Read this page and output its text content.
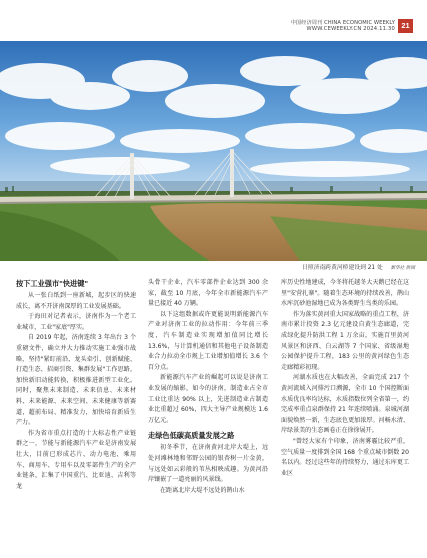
中国经济周刊 CHINA ECONOMIC WEEKLY
WWW.CEWEEKLY.CN 2024.11.30 21
日照济南跨黄河桥建设到 21 处 新华社 供图

按下工业强市"快进键"

从一张白纸到一座新城，起步区的快速成长，离不开济南深厚的工业发展基础。

于海田对记者表示，济南作为一个老工业城市，工业"家底"厚实。

自 2019 年起，济南连续 3 年出台 3 个重磅文件，确立并大力推动实施工业强市战略，坚持"紧盯前沿、龙头牵引、创新赋能、打造生态、招商引资、集群发展"工作思路，加快新旧动能转换，积极推进新型工业化。同时，聚焦未来制造、未来信息、未来材料、未来能源、未来空间、未来健康等新赛道，超前布局、精准发力，加快培育新质生产力。

作为省市重点打造的十大标志性产业链群之一，节能与新能源汽车产业是济南发展壮大，目前已形成芯片、动力电池、乘用车、商用车、专用车以及零部件生产的全产业链条，汇集了中国重汽、比亚迪、吉利等龙

头骨干企业，汽车零部件企业达到 300 余家，截至 10 月底，今年全市新能源汽车产量已接近 40 万辆。

以下这组数据或许更能说明新能源汽车产业对济南工业的拉动作用：今年前三季度，汽车制造业实现增加值同比增长 13.6%，与计算机通信和其他电子设备制造业合力拉动全市规上工业增加值增长 3.6 个百分点。

新能源汽车产业的崛起可以说是济南工业发展的缩影，如今的济南，制造业占全市工业比重达 90% 以上，先进制造业占制造业比重超过 60%，四大主导产业规模达 1.6 万亿元。

走绿色低碳高质量发展之路

初冬季节，在济南黄河北岸大堤上，远处河滩林地和邻野公园的银杏树一片金黄，与远处如云彩般的苇丛相映成趣。为黄河沿岸镶嵌了一道亮丽的风景线。

在距离北岸大堤不远处的鹊山水

库历史性地建成，今冬将托越冬大天鹅已经在这里"安营扎寨"。随着生态环境的持续改善，鹊山水库沉砂池湿地已成为各类野生鸟类的乐园。

作为落实黄河重大国家战略的重点工程，济南市累计投资 2.3 亿元建设自黄生态廊道，完成绿化提升防洪工程 1 万余亩，实施百里黄河风景区和济西、白云湖等 7 个国家、省级湿地公园保护提升工程，183 公里的黄河绿色生态走廊精彩初现。

河湖水质也在大幅改善，全面完成 217 个黄河流域入河排污口溯源，全市 10 个国控断面水质优良率均达标，水质指数位列全省第一，约完成率重点泉群保持 21 年连续喷涌。泉城河湖面貌焕然一新，生态底色更加浓厚。河畅水清、岸绿景美的生态画卷正在徐徐展开。

"曾经大家有个印象，济南雾霾比较严重，空气质量一度排到全国 168 个重点城市倒数 20 名以内。经过这些年的持续努力，通过东库更工业区
